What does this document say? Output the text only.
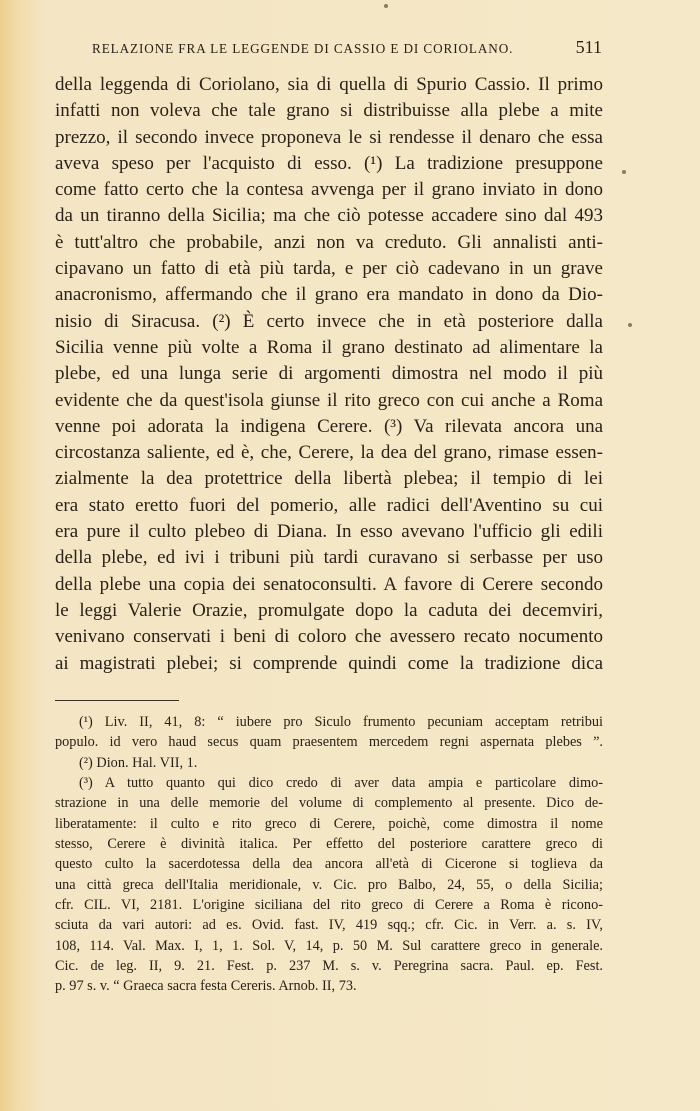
RELAZIONE FRA LE LEGGENDE DI CASSIO E DI CORIOLANO.	511
della leggenda di Coriolano, sia di quella di Spurio Cassio. Il primo
infatti non voleva che tale grano si distribuisse alla plebe a mite
prezzo, il secondo invece proponeva le si rendesse il denaro che essa
aveva speso per l'acquisto di esso. (¹) La tradizione presuppone
come fatto certo che la contesa avvenga per il grano inviato in dono
da un tiranno della Sicilia; ma che ciò potesse accadere sino dal 493
è tutt'altro che probabile, anzi non va creduto. Gli annalisti anti-
cipavano un fatto di età più tarda, e per ciò cadevano in un grave
anacronismo, affermando che il grano era mandato in dono da Dio-
nisio di Siracusa. (²) È certo invece che in età posteriore dalla
Sicilia venne più volte a Roma il grano destinato ad alimentare la
plebe, ed una lunga serie di argomenti dimostra nel modo il più
evidente che da quest'isola giunse il rito greco con cui anche a Roma
venne poi adorata la indigena Cerere. (³) Va rilevata ancora una
circostanza saliente, ed è, che, Cerere, la dea del grano, rimase essen-
zialmente la dea protettrice della libertà plebea; il tempio di lei
era stato eretto fuori del pomerio, alle radici dell'Aventino su cui
era pure il culto plebeo di Diana. In esso avevano l'ufficio gli edili
della plebe, ed ivi i tribuni più tardi curavano si serbasse per uso
della plebe una copia dei senatoconsulti. A favore di Cerere secondo
le leggi Valerie Orazie, promulgate dopo la caduta dei decemviri,
venivano conservati i beni di coloro che avessero recato nocumento
ai magistrati plebei; si comprende quindi come la tradizione dica
(¹) Liv. II, 41, 8: “ iubere pro Siculo frumento pecuniam acceptam retribui
populo. id vero haud secus quam praesentem mercedem regni aspernata plebes ”.
(²) Dion. Hal. VII, 1.
(³) A tutto quanto qui dico credo di aver data ampia e particolare dimo-
strazione in una delle memorie del volume di complemento al presente. Dico de-
liberatamente: il culto e rito greco di Cerere, poichè, come dimostra il nome
stesso, Cerere è divinità italica. Per effetto del posteriore carattere greco di
questo culto la sacerdotessa della dea ancora all'età di Cicerone si toglieva da
una città greca dell'Italia meridionale, v. Cic. pro Balbo, 24, 55, o della Sicilia;
cfr. CIL. VI, 2181. L'origine siciliana del rito greco di Cerere a Roma è ricono-
sciuta da vari autori: ad es. Ovid. fast. IV, 419 sqq.; cfr. Cic. in Verr. a. s. IV,
108, 114. Val. Max. I, 1, 1. Sol. V, 14, p. 50 M. Sul carattere greco in generale.
Cic. de leg. II, 9. 21. Fest. p. 237 M. s. v. Peregrina sacra. Paul. ep. Fest.
p. 97 s. v. “ Graeca sacra festa Cereris. Arnob. II, 73.
